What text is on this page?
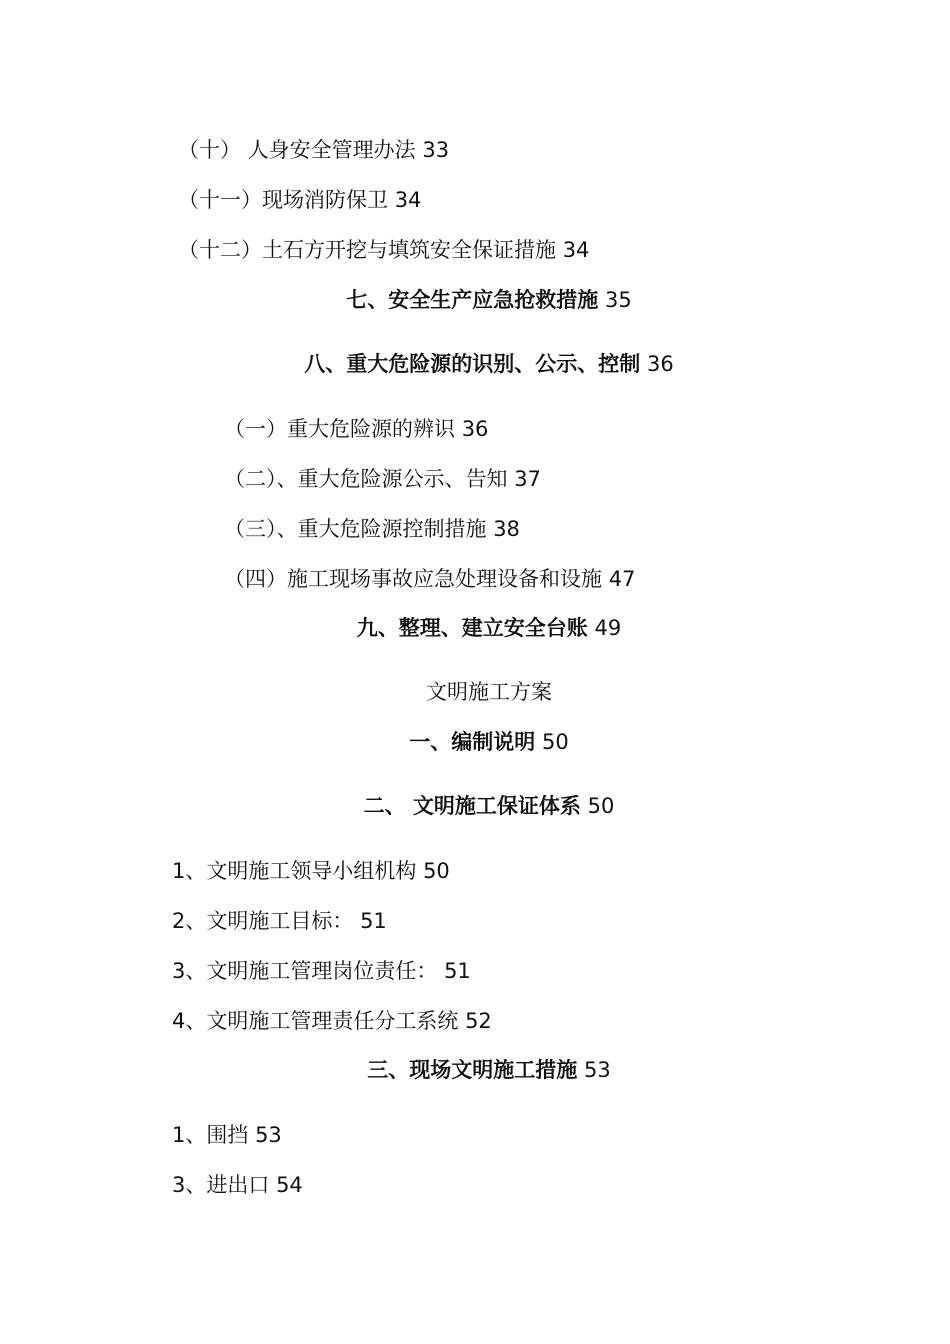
（十） 人身安全管理办法 33
（十一）现场消防保卫 34
（十二）土石方开挖与填筑安全保证措施 34
七、安全生产应急抢救措施 35
八、重大危险源的识别、公示、控制 36
（一）重大危险源的辨识 36
（二）、重大危险源公示、告知 37
（三）、重大危险源控制措施 38
（四）施工现场事故应急处理设备和设施 47
九、整理、建立安全台账 49
文明施工方案
一、编制说明 50
二、 文明施工保证体系 50
1、文明施工领导小组机构 50
2、文明施工目标： 51
3、文明施工管理岗位责任： 51
4、文明施工管理责任分工系统 52
三、现场文明施工措施 53
1、围挡 53
3、进出口 54
